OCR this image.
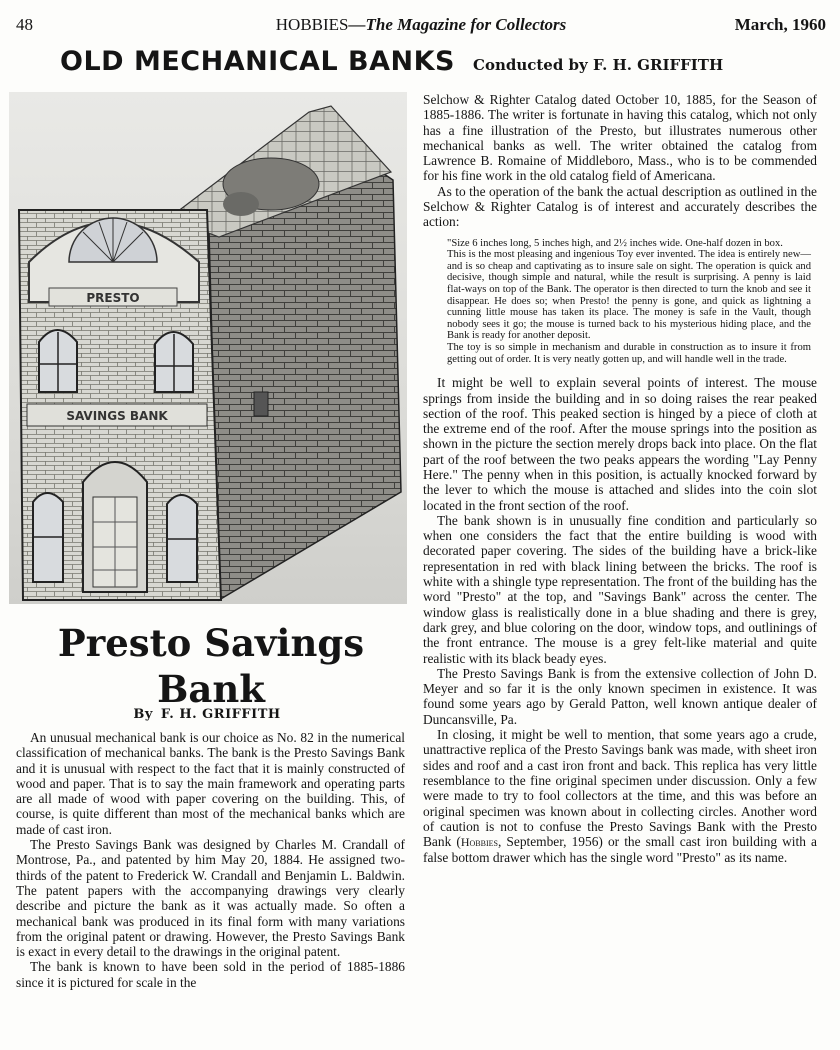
48	HOBBIES—The Magazine for Collectors	March, 1960
OLD MECHANICAL BANKS Conducted by F. H. GRIFFITH
PRESTO
SAVINGS BANK
Presto Savings
Bank
By F. H. GRIFFITH

An unusual mechanical bank is our choice as No. 82 in the numerical classification of mechanical banks. The bank is the Presto Savings Bank and it is unusual with respect to the fact that it is mainly constructed of wood and paper. That is to say the main framework and operating parts are all made of wood with paper covering on the building. This, of course, is quite different than most of the mechanical banks which are made of cast iron.

The Presto Savings Bank was designed by Charles M. Crandall of Montrose, Pa., and patented by him May 20, 1884. He assigned two-thirds of the patent to Frederick W. Crandall and Benjamin L. Baldwin. The patent papers with the accompanying drawings very clearly describe and picture the bank as it was actually made. So often a mechanical bank was produced in its final form with many variations from the original patent or drawing. However, the Presto Savings Bank is exact in every detail to the drawings in the original patent.

The bank is known to have been sold in the period of 1885-1886 since it is pictured for scale in the

Selchow & Righter Catalog dated October 10, 1885, for the Season of 1885-1886. The writer is fortunate in having this catalog, which not only has a fine illustration of the Presto, but illustrates numerous other mechanical banks as well. The writer obtained the catalog from Lawrence B. Romaine of Middleboro, Mass., who is to be commended for his fine work in the old catalog field of Americana.

As to the operation of the bank the actual description as outlined in the Selchow & Righter Catalog is of interest and accurately describes the action:

"Size 6 inches long, 5 inches high, and 2½ inches wide. One-half dozen in box.
This is the most pleasing and ingenious Toy ever invented. The idea is entirely new—and is so cheap and captivating as to insure sale on sight. The operation is quick and decisive, though simple and natural, while the result is surprising. A penny is laid flat-ways on top of the Bank. The operator is then directed to turn the knob and see it disappear. He does so; when Presto! the penny is gone, and quick as lightning a cunning little mouse has taken its place. The money is safe in the Vault, though nobody sees it go; the mouse is turned back to his mysterious hiding place, and the Bank is ready for another deposit.
The toy is so simple in mechanism and durable in construction as to insure it from getting out of order. It is very neatly gotten up, and will handle well in the trade.

It might be well to explain several points of interest. The mouse springs from inside the building and in so doing raises the rear peaked section of the roof. This peaked section is hinged by a piece of cloth at the extreme end of the roof. After the mouse springs into the position as shown in the picture the section merely drops back into place. On the flat part of the roof between the two peaks appears the wording "Lay Penny Here." The penny when in this position, is actually knocked forward by the lever to which the mouse is attached and slides into the coin slot located in the front section of the roof.

The bank shown is in unusually fine condition and particularly so when one considers the fact that the entire building is wood with decorated paper covering. The sides of the building have a brick-like representation in red with black lining between the bricks. The roof is white with a shingle type representation. The front of the building has the word "Presto" at the top, and "Savings Bank" across the center. The window glass is realistically done in a blue shading and there is grey, dark grey, and blue coloring on the door, window tops, and outlinings of the front entrance. The mouse is a grey felt-like material and quite realistic with its black beady eyes.

The Presto Savings Bank is from the extensive collection of John D. Meyer and so far it is the only known specimen in existence. It was found some years ago by Gerald Patton, well known antique dealer of Duncansville, Pa.

In closing, it might be well to mention, that some years ago a crude, unattractive replica of the Presto Savings bank was made, with sheet iron sides and roof and a cast iron front and back. This replica has very little resemblance to the fine original specimen under discussion. Only a few were made to try to fool collectors at the time, and this was before an original specimen was known about in collecting circles. Another word of caution is not to confuse the Presto Savings Bank with the Presto Bank (Hobbies, September, 1956) or the small cast iron building with a false bottom drawer which has the single word "Presto" as its name.
